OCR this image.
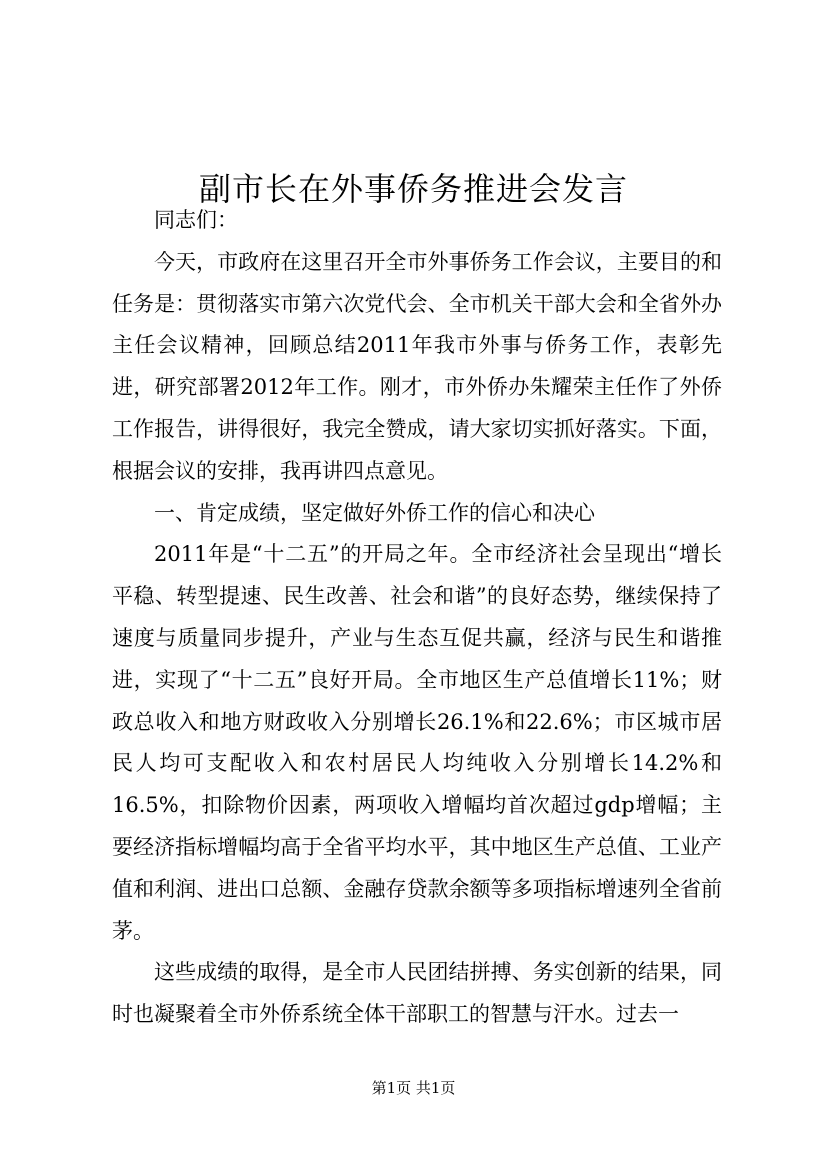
副市长在外事侨务推进会发言

同志们：

今天，市政府在这里召开全市外事侨务工作会议，主要目的和任务是：贯彻落实市第六次党代会、全市机关干部大会和全省外办主任会议精神，回顾总结2011年我市外事与侨务工作，表彰先进，研究部署2012年工作。刚才，市外侨办朱耀荣主任作了外侨工作报告，讲得很好，我完全赞成，请大家切实抓好落实。下面，根据会议的安排，我再讲四点意见。

一、肯定成绩，坚定做好外侨工作的信心和决心

2011年是“十二五”的开局之年。全市经济社会呈现出“增长平稳、转型提速、民生改善、社会和谐”的良好态势，继续保持了速度与质量同步提升，产业与生态互促共赢，经济与民生和谐推进，实现了“十二五”良好开局。全市地区生产总值增长11%；财政总收入和地方财政收入分别增长26.1%和22.6%；市区城市居民人均可支配收入和农村居民人均纯收入分别增长14.2%和16.5%，扣除物价因素，两项收入增幅均首次超过gdp增幅；主要经济指标增幅均高于全省平均水平，其中地区生产总值、工业产值和利润、进出口总额、金融存贷款余额等多项指标增速列全省前茅。

这些成绩的取得，是全市人民团结拼搏、务实创新的结果，同时也凝聚着全市外侨系统全体干部职工的智慧与汗水。过去一

第1页 共1页
